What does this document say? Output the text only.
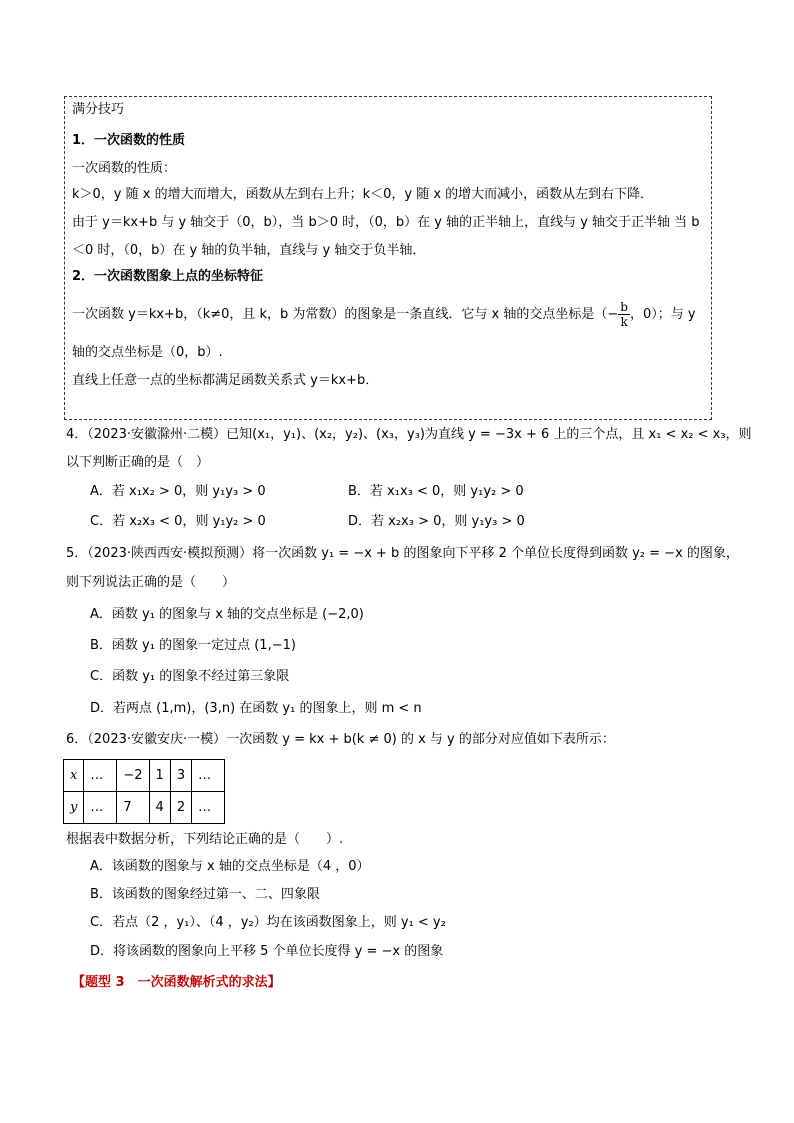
满分技巧
1．一次函数的性质
一次函数的性质：
k＞0，y 随 x 的增大而增大，函数从左到右上升；k＜0，y 随 x 的增大而减小，函数从左到右下降．
由于 y＝kx+b 与 y 轴交于（0，b），当 b＞0 时，（0，b）在 y 轴的正半轴上，直线与 y 轴交于正半轴 当 b
＜0 时，（0，b）在 y 轴的负半轴，直线与 y 轴交于负半轴．
2．一次函数图象上点的坐标特征
一次函数 y＝kx+b，（k≠0，且 k，b 为常数）的图象是一条直线．它与 x 轴的交点坐标是（− $\frac{b}{k}$ ，0）；与 y
轴的交点坐标是（0，b）.
直线上任意一点的坐标都满足函数关系式 y＝kx+b．
4．（2023·安徽滁州·二模）已知(x₁，y₁)、(x₂，y₂)、(x₃，y₃)为直线 y = −3x + 6 上的三个点，且 x₁ < x₂ < x₃，则
以下判断正确的是（　）
A．若 x₁x₂ > 0，则 y₁y₃ > 0	B．若 x₁x₃ < 0，则 y₁y₂ > 0
C．若 x₂x₃ < 0，则 y₁y₂ > 0	D．若 x₂x₃ > 0，则 y₁y₃ > 0
5．（2023·陕西西安·模拟预测）将一次函数 y₁ = −x + b 的图象向下平移 2 个单位长度得到函数 y₂ = −x 的图象，
则下列说法正确的是（　　）
A．函数 y₁ 的图象与 x 轴的交点坐标是 (−2,0)
B．函数 y₁ 的图象一定过点 (1,−1)
C．函数 y₁ 的图象不经过第三象限
D．若两点 (1,m)，(3,n) 在函数 y₁ 的图象上，则 m < n
6．（2023·安徽安庆·一模）一次函数 y = kx + b(k ≠ 0) 的 x 与 y 的部分对应值如下表所示：
x	…	−2	1	3	…
y	…	7	4	2	…
根据表中数据分析，下列结论正确的是（　　）.
A．该函数的图象与 x 轴的交点坐标是（4 ，0）
B．该函数的图象经过第一、二、四象限
C．若点（2 ，y₁）、（4 ，y₂）均在该函数图象上，则 y₁ < y₂
D．将该函数的图象向上平移 5 个单位长度得 y = −x 的图象
【题型 3　一次函数解析式的求法】
